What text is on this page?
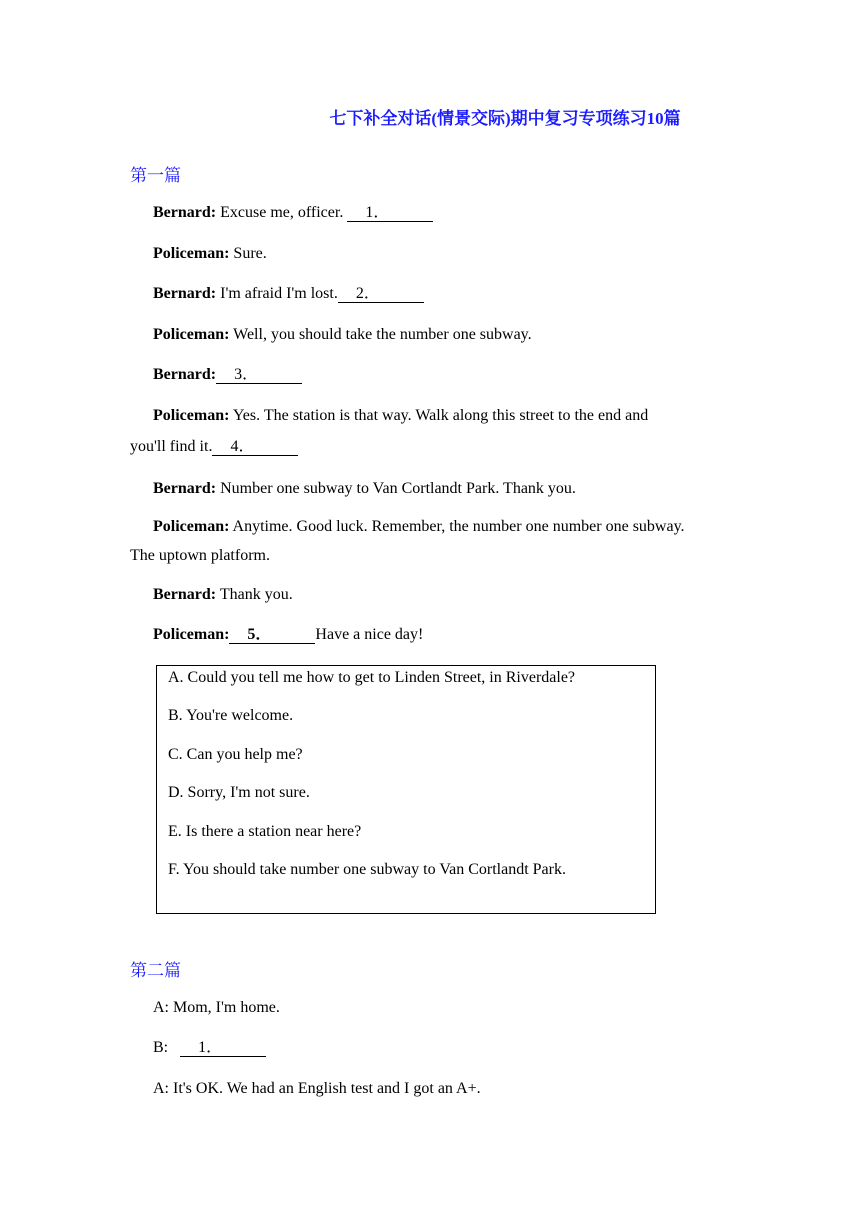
七下补全对话(情景交际)期中复习专项练习10篇
第一篇
Bernard: Excuse me, officer. 1．
Policeman: Sure.
Bernard: I'm afraid I'm lost. 2．
Policeman: Well, you should take the number one subway.
Bernard: 3．
Policeman: Yes. The station is that way. Walk along this street to the end and
you'll find it. 4．
Bernard: Number one subway to Van Cortlandt Park. Thank you.
Policeman: Anytime. Good luck. Remember, the number one number one subway.
The uptown platform.
Bernard: Thank you.
Policeman: 5．	Have a nice day!
A. Could you tell me how to get to Linden Street, in Riverdale?
B. You're welcome.
C. Can you help me?
D. Sorry, I'm not sure.
E. Is there a station near here?
F. You should take number one subway to Van Cortlandt Park.
第二篇
A: Mom, I'm home.
B:   1．
A: It's OK. We had an English test and I got an A+.
